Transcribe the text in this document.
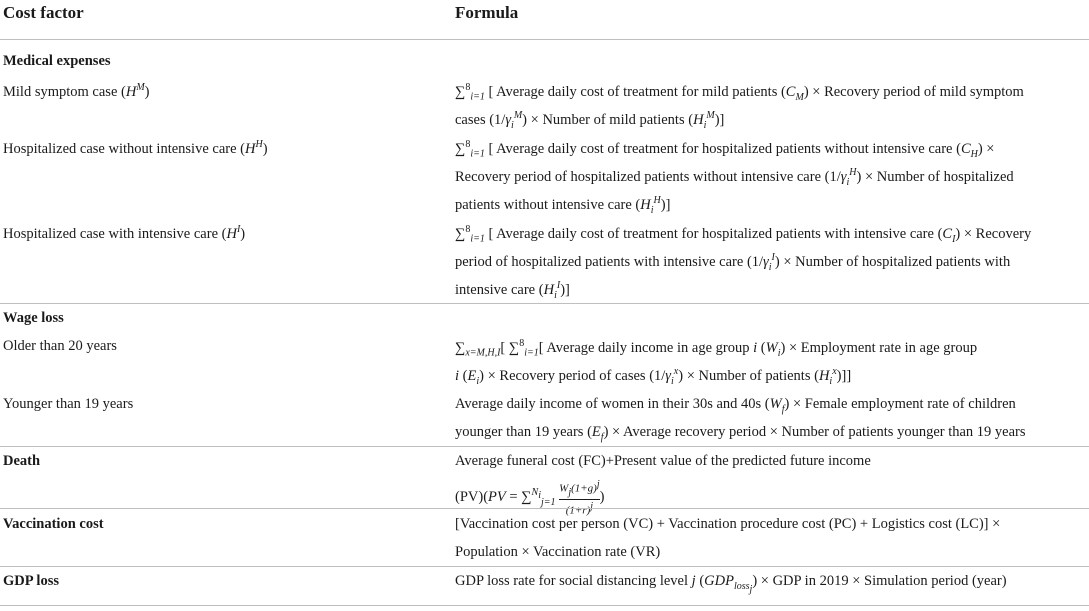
Cost factor	Formula
Medical expenses
Mild symptom case $(H^M)$	∑$^8_{i=1}$ [ Average daily cost of treatment for mild patients $(C_M)$ × Recovery period of mild symptom
cases $(1/\gamma_i^M)$ × Number of mild patients $(H_i^M)$]
Hospitalized case without intensive care $(H^H)$	∑$^8_{i=1}$ [ Average daily cost of treatment for hospitalized patients without intensive care $(C_H)$ ×
Recovery period of hospitalized patients without intensive care $(1/\gamma_i^H)$ × Number of hospitalized
patients without intensive care $(H_i^H)$]
Hospitalized case with intensive care $(H^I)$	∑$^8_{i=1}$ [ Average daily cost of treatment for hospitalized patients with intensive care $(C_I)$ × Recovery
period of hospitalized patients with intensive care $(1/\gamma_i^I)$ × Number of hospitalized patients with
intensive care $(H_i^I)$]
Wage loss
Older than 20 years	$\sum_{x=M,H,I}$[ ∑$^8_{i=1}$[ Average daily income in age group i $(W_i)$ × Employment rate in age group
i $(E_i)$ × Recovery period of cases $(1/\gamma_i^x)$ × Number of patients $(H_i^x)$]]
Younger than 19 years	Average daily income of women in their 30s and 40s $(W_f)$ × Female employment rate of children
younger than 19 years $(E_f)$ × Average recovery period × Number of patients younger than 19 years
Death	Average funeral cost (FC)+Present value of the predicted future income
$(PV)(PV = \sum^{N_i}_{j=1} \frac{W_j(1+g)^j}{(1+r)^j}$ )
Vaccination cost	[Vaccination cost per person (VC) + Vaccination procedure cost (PC) + Logistics cost (LC)] ×
Population × Vaccination rate (VR)
GDP loss	GDP loss rate for social distancing level j $(GDP_{loss_j})$ × GDP in 2019 × Simulation period (year)
